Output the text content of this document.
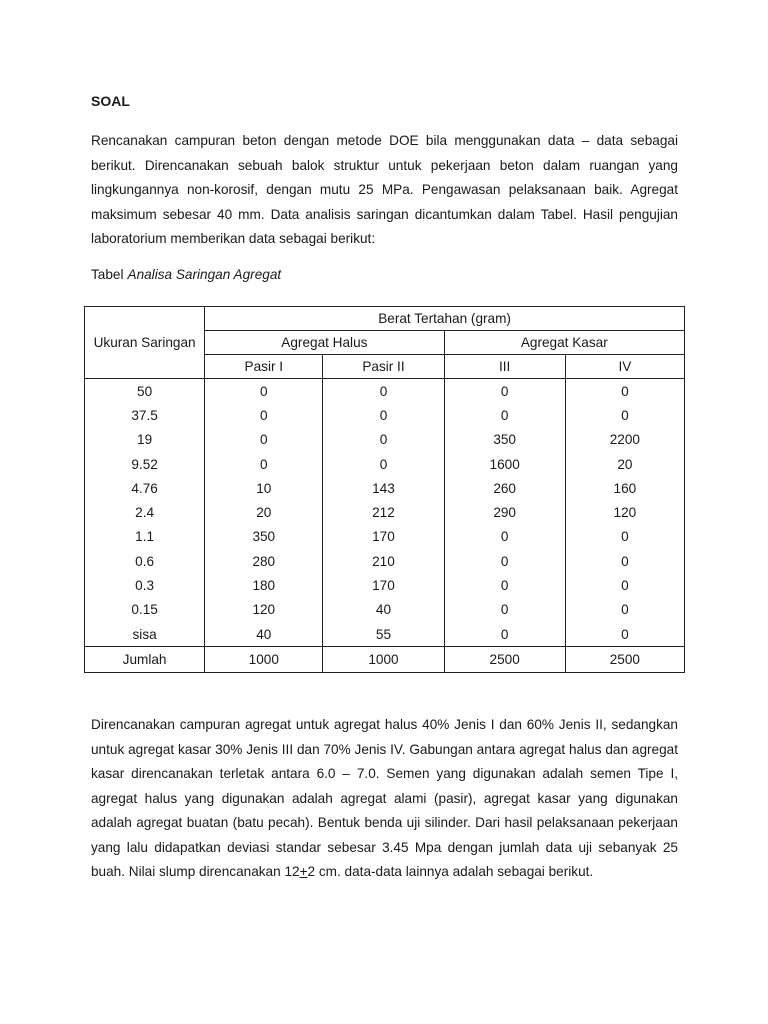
SOAL
Rencanakan campuran beton dengan metode DOE bila menggunakan data – data sebagai berikut. Direncanakan sebuah balok struktur untuk pekerjaan beton dalam ruangan yang lingkungannya non-korosif, dengan mutu 25 MPa. Pengawasan pelaksanaan baik. Agregat maksimum sebesar 40 mm. Data analisis saringan dicantumkan dalam Tabel. Hasil pengujian laboratorium memberikan data sebagai berikut:
Tabel Analisa Saringan Agregat
Ukuran Saringan	Berat Tertahan (gram)			
	Agregat Halus		Agregat Kasar	
	Pasir I	Pasir II	III	IV
50	0	0	0	0
37.5	0	0	0	0
19	0	0	350	2200
9.52	0	0	1600	20
4.76	10	143	260	160
2.4	20	212	290	120
1.1	350	170	0	0
0.6	280	210	0	0
0.3	180	170	0	0
0.15	120	40	0	0
sisa	40	55	0	0
Jumlah	1000	1000	2500	2500
Direncanakan campuran agregat untuk agregat halus 40% Jenis I dan 60% Jenis II, sedangkan untuk agregat kasar 30% Jenis III dan 70% Jenis IV. Gabungan antara agregat halus dan agregat kasar direncanakan terletak antara 6.0 – 7.0. Semen yang digunakan adalah semen Tipe I, agregat halus yang digunakan adalah agregat alami (pasir), agregat kasar yang digunakan adalah agregat buatan (batu pecah). Bentuk benda uji silinder. Dari hasil pelaksanaan pekerjaan yang lalu didapatkan deviasi standar sebesar 3.45 Mpa dengan jumlah data uji sebanyak 25 buah. Nilai slump direncanakan 12+2 cm. data-data lainnya adalah sebagai berikut.
